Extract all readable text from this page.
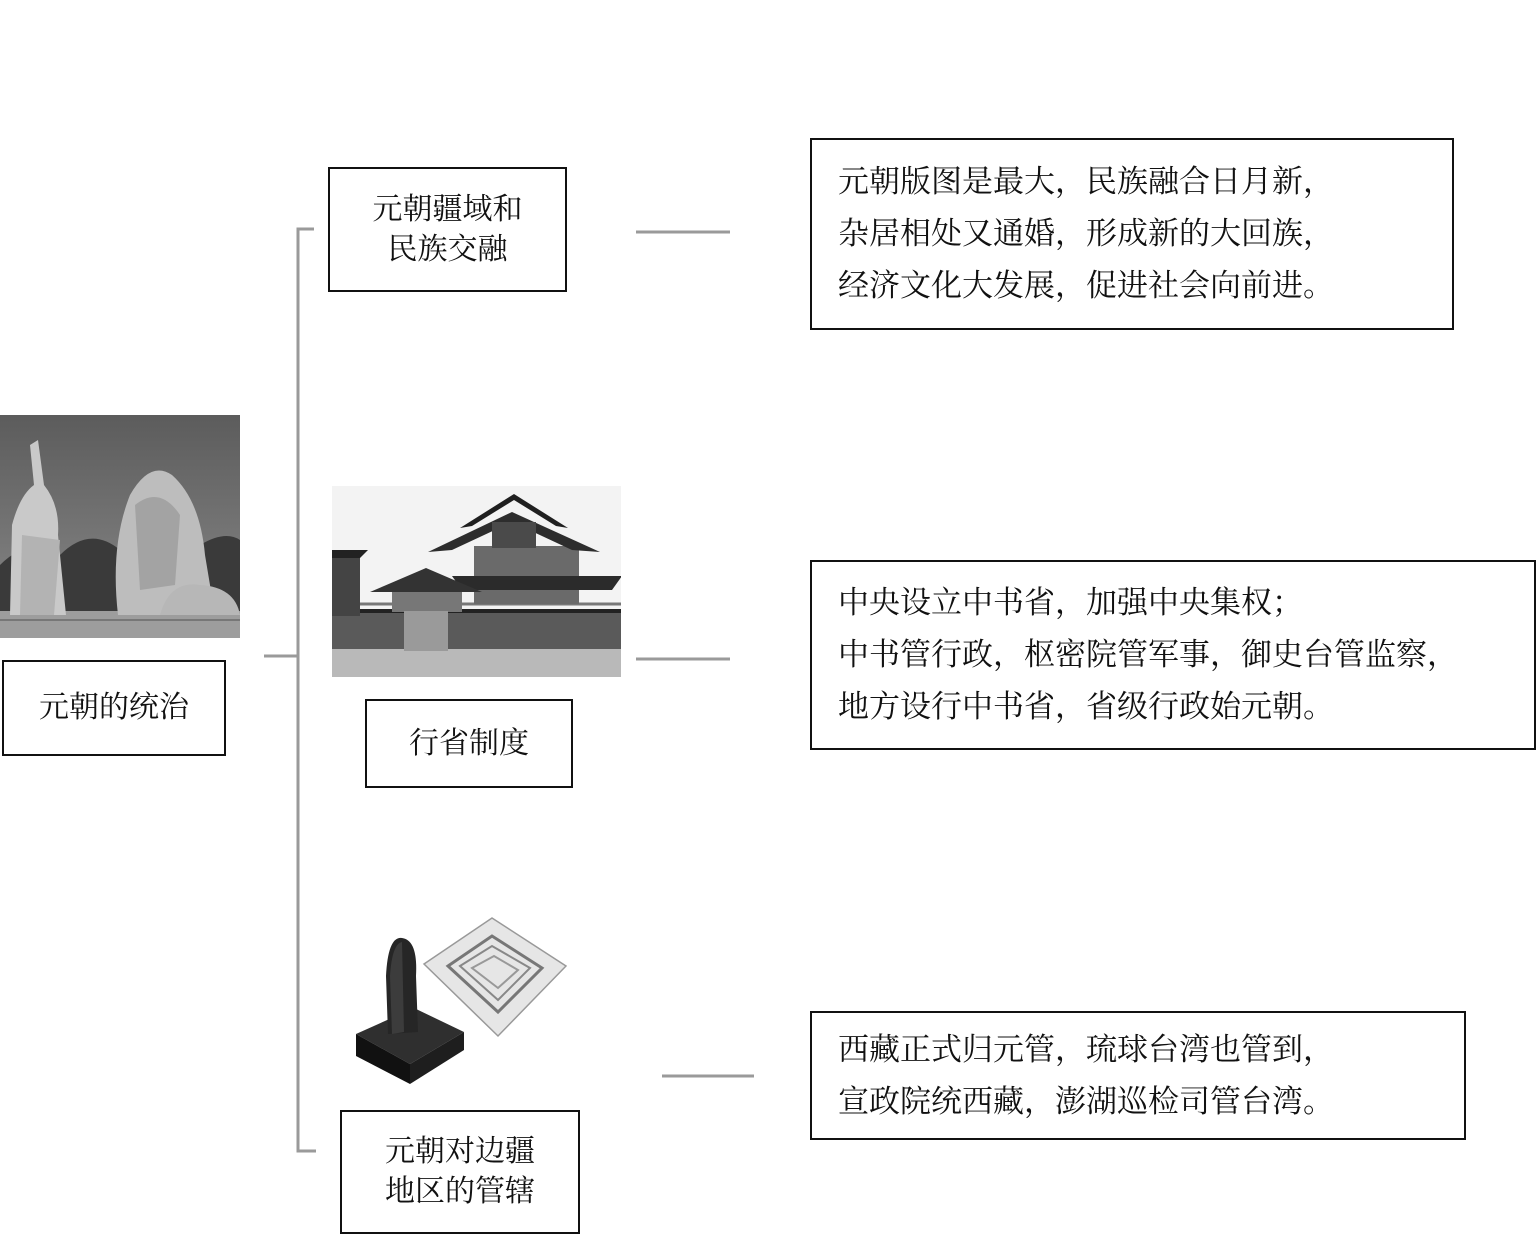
元朝的统治
元朝疆域和
民族交融
元朝版图是最大，民族融合日月新，
杂居相处又通婚，形成新的大回族，
经济文化大发展，促进社会向前进。
行省制度
中央设立中书省，加强中央集权；
中书管行政，枢密院管军事，御史台管监察，
地方设行中书省，省级行政始元朝。
元朝对边疆
地区的管辖
西藏正式归元管，琉球台湾也管到，
宣政院统西藏，澎湖巡检司管台湾。
